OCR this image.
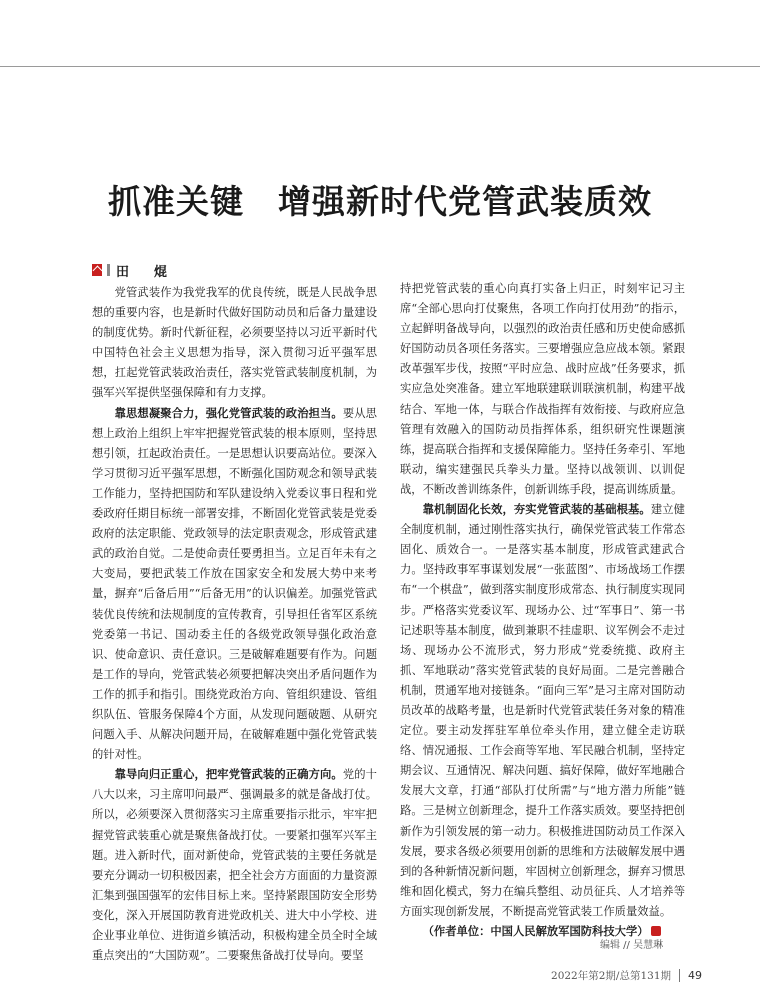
抓准关键　增强新时代党管武装质效
田　焜

党管武装作为我党我军的优良传统，既是人民战争思想的重要内容，也是新时代做好国防动员和后备力量建设的制度优势。新时代新征程，必须要坚持以习近平新时代中国特色社会主义思想为指导，深入贯彻习近平强军思想，扛起党管武装政治责任，落实党管武装制度机制，为强军兴军提供坚强保障和有力支撑。

靠思想凝聚合力，强化党管武装的政治担当。要从思想上政治上组织上牢牢把握党管武装的根本原则，坚持思想引领，扛起政治责任。一是思想认识要高站位。要深入学习贯彻习近平强军思想，不断强化国防观念和领导武装工作能力，坚持把国防和军队建设纳入党委议事日程和党委政府任期目标统一部署安排，不断固化党管武装是党委政府的法定职能、党政领导的法定职责观念，形成管武建武的政治自觉。二是使命责任要勇担当。立足百年未有之大变局，要把武装工作放在国家安全和发展大势中来考量，摒弃“后备后用”“后备无用”的认识偏差。加强党管武装优良传统和法规制度的宣传教育，引导担任省军区系统党委第一书记、国动委主任的各级党政领导强化政治意识、使命意识、责任意识。三是破解难题要有作为。问题是工作的导向，党管武装必须要把解决突出矛盾问题作为工作的抓手和指引。围绕党政治方向、管组织建设、管组织队伍、管服务保障4个方面，从发现问题破题、从研究问题入手、从解决问题开局，在破解难题中强化党管武装的针对性。

靠导向归正重心，把牢党管武装的正确方向。党的十八大以来，习主席叩问最严、强调最多的就是备战打仗。所以，必须要深入贯彻落实习主席重要指示批示，牢牢把握党管武装重心就是聚焦备战打仗。一要紧扣强军兴军主题。进入新时代，面对新使命，党管武装的主要任务就是要充分调动一切积极因素，把全社会方方面面的力量资源汇集到强国强军的宏伟目标上来。坚持紧跟国防安全形势变化，深入开展国防教育进党政机关、进大中小学校、进企业事业单位、进街道乡镇活动，积极构建全员全时全域重点突出的“大国防观”。二要聚焦备战打仗导向。要坚

持把党管武装的重心向真打实备上归正，时刻牢记习主席“全部心思向打仗聚焦，各项工作向打仗用劲”的指示，立起鲜明备战导向，以强烈的政治责任感和历史使命感抓好国防动员各项任务落实。三要增强应急应战本领。紧跟改革强军步伐，按照“平时应急、战时应战”任务要求，抓实应急处突准备。建立军地联建联训联演机制，构建平战结合、军地一体，与联合作战指挥有效衔接、与政府应急管理有效融入的国防动员指挥体系，组织研究性课题演练，提高联合指挥和支援保障能力。坚持任务牵引、军地联动，编实建强民兵拳头力量。坚持以战领训、以训促战，不断改善训练条件，创新训练手段，提高训练质量。

靠机制固化长效，夯实党管武装的基础根基。建立健全制度机制，通过刚性落实执行，确保党管武装工作常态固化、质效合一。一是落实基本制度，形成管武建武合力。坚持政事军事谋划发展“一张蓝图”、市场战场工作摆布“一个棋盘”，做到落实制度形成常态、执行制度实现同步。严格落实党委议军、现场办公、过“军事日”、第一书记述职等基本制度，做到兼职不挂虚职、议军例会不走过场、现场办公不流形式，努力形成“党委统揽、政府主抓、军地联动”落实党管武装的良好局面。二是完善融合机制，贯通军地对接链条。“面向三军”是习主席对国防动员改革的战略考量，也是新时代党管武装任务对象的精准定位。要主动发挥驻军单位牵头作用，建立健全走访联络、情况通报、工作会商等军地、军民融合机制，坚持定期会议、互通情况、解决问题、搞好保障，做好军地融合发展大文章，打通“部队打仗所需”与“地方潜力所能”链路。三是树立创新理念，提升工作落实质效。要坚持把创新作为引领发展的第一动力。积极推进国防动员工作深入发展，要求各级必须要用创新的思维和方法破解发展中遇到的各种新情况新问题，牢固树立创新理念，摒弃习惯思维和固化模式，努力在编兵整组、动员征兵、人才培养等方面实现创新发展，不断提高党管武装工作质量效益。

（作者单位：中国人民解放军国防科技大学）

编辑 // 吴慧琳
2022年第2期/总第131期 49
